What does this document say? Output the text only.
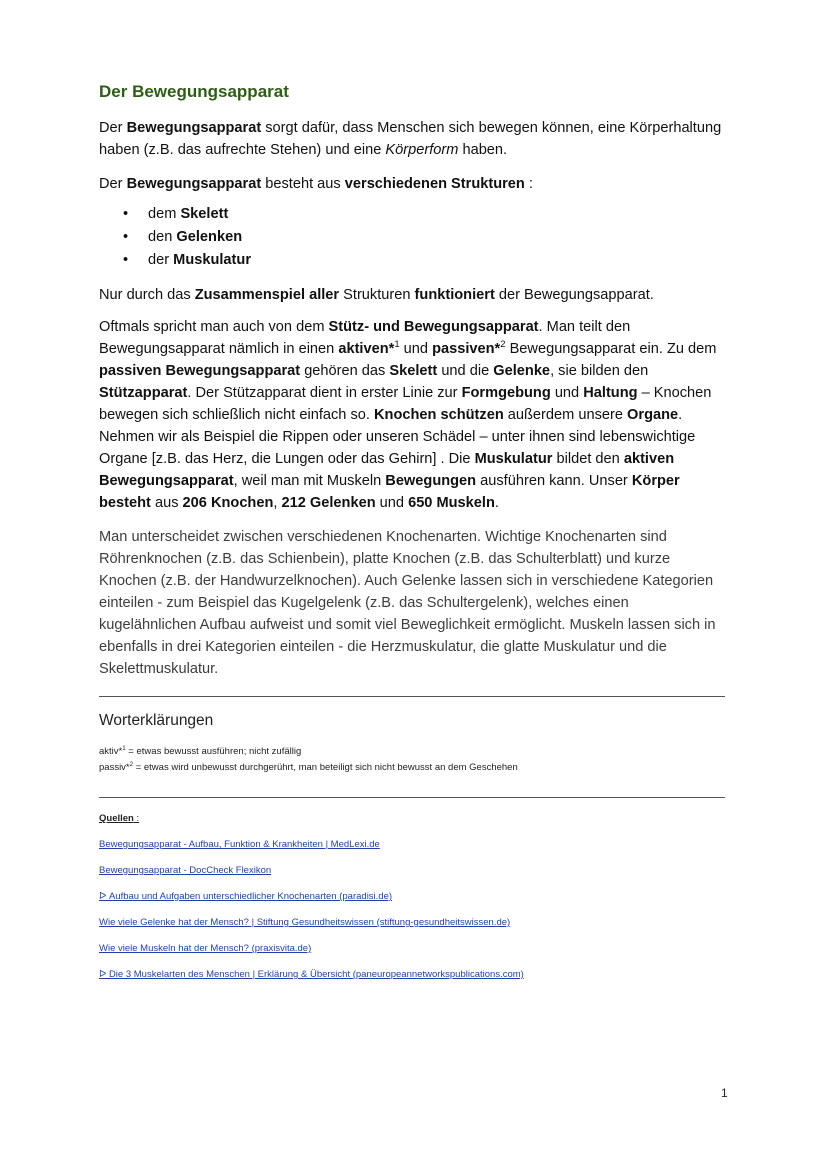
Der Bewegungsapparat

Der Bewegungsapparat sorgt dafür, dass Menschen sich bewegen können, eine Körperhaltung haben (z.B. das aufrechte Stehen) und eine Körperform haben.

Der Bewegungsapparat besteht aus verschiedenen Strukturen :

• dem Skelett
• den Gelenken
• der Muskulatur

Nur durch das Zusammenspiel aller Strukturen funktioniert der Bewegungsapparat.

Oftmals spricht man auch von dem Stütz- und Bewegungsapparat. Man teilt den Bewegungsapparat nämlich in einen aktiven*$^1$ und passiven*$^2$ Bewegungsapparat ein. Zu dem passiven Bewegungsapparat gehören das Skelett und die Gelenke, sie bilden den Stützapparat. Der Stützapparat dient in erster Linie zur Formgebung und Haltung – Knochen bewegen sich schließlich nicht einfach so. Knochen schützen außerdem unsere Organe. Nehmen wir als Beispiel die Rippen oder unseren Schädel – unter ihnen sind lebenswichtige Organe [z.B. das Herz, die Lungen oder das Gehirn] . Die Muskulatur bildet den aktiven Bewegungsapparat, weil man mit Muskeln Bewegungen ausführen kann. Unser Körper besteht aus 206 Knochen, 212 Gelenken und 650 Muskeln.

Man unterscheidet zwischen verschiedenen Knochenarten. Wichtige Knochenarten sind Röhrenknochen (z.B. das Schienbein), platte Knochen (z.B. das Schulterblatt) und kurze Knochen (z.B. der Handwurzelknochen). Auch Gelenke lassen sich in verschiedene Kategorien einteilen - zum Beispiel das Kugelgelenk (z.B. das Schultergelenk), welches einen kugelähnlichen Aufbau aufweist und somit viel Beweglichkeit ermöglicht. Muskeln lassen sich in ebenfalls in drei Kategorien einteilen - die Herzmuskulatur, die glatte Muskulatur und die Skelettmuskulatur.

Worterklärungen
aktiv*$^1$ = etwas bewusst ausführen; nicht zufällig
passiv*$^2$ = etwas wird unbewusst durchgerührt, man beteiligt sich nicht bewusst an dem Geschehen
Quellen :
Bewegungsapparat - Aufbau, Funktion & Krankheiten | MedLexi.de
Bewegungsapparat - DocCheck Flexikon
ᐅ Aufbau und Aufgaben unterschiedlicher Knochenarten (paradisi.de)
Wie viele Gelenke hat der Mensch? | Stiftung Gesundheitswissen (stiftung-gesundheitswissen.de)
Wie viele Muskeln hat der Mensch? (praxisvita.de)
ᐅ Die 3 Muskelarten des Menschen | Erklärung & Übersicht (paneuropeannetworkspublications.com)
1
